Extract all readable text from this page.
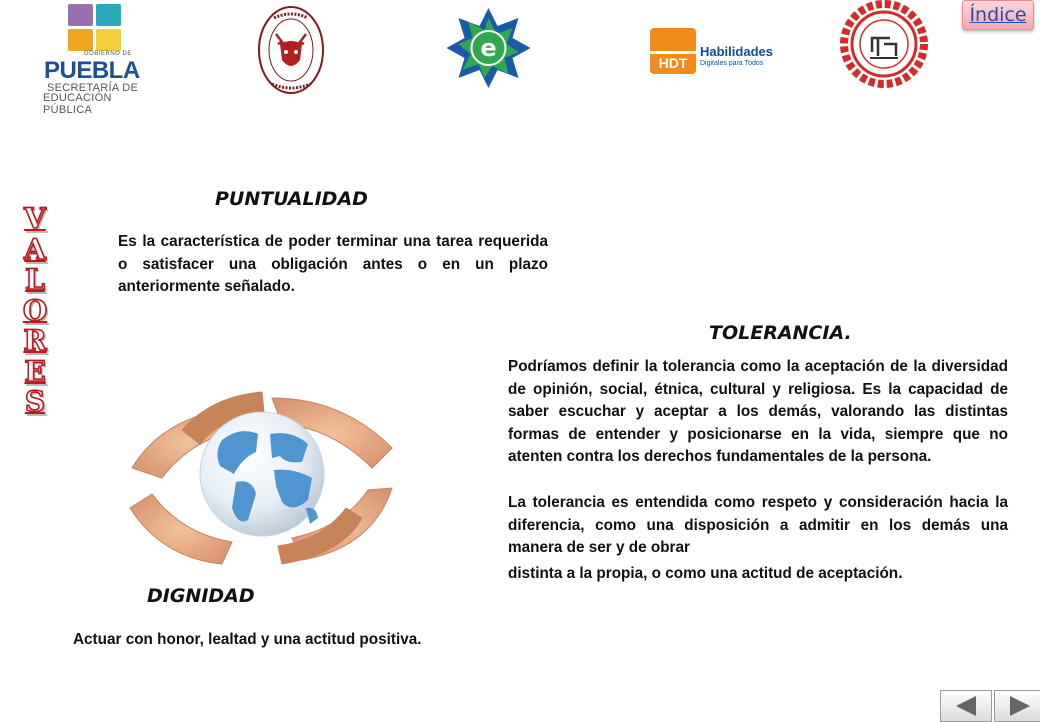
GOBIERNO DE
PUEBLA
SECRETARÍA DE
EDUCACIÓN PÚBLICA
e
HDT
Habilidades
Digitales para Todos
Índice
V
A
L
O
R
E
S
PUNTUALIDAD

Es la característica de poder terminar una tarea requerida o satisfacer una obligación antes o en un plazo anteriormente señalado.

TOLERANCIA.

Podríamos definir la tolerancia como la aceptación de la diversidad de opinión, social, étnica, cultural y religiosa. Es la capacidad de saber escuchar y aceptar a los demás, valorando las distintas formas de entender y posicionarse en la vida, siempre que no atenten contra los derechos fundamentales de la persona.

La tolerancia es entendida como respeto y consideración hacia la diferencia, como una disposición a admitir en los demás una manera de ser y de obrar

distinta a la propia, o como una actitud de aceptación.

DIGNIDAD

Actuar con honor, lealtad y una actitud positiva.
